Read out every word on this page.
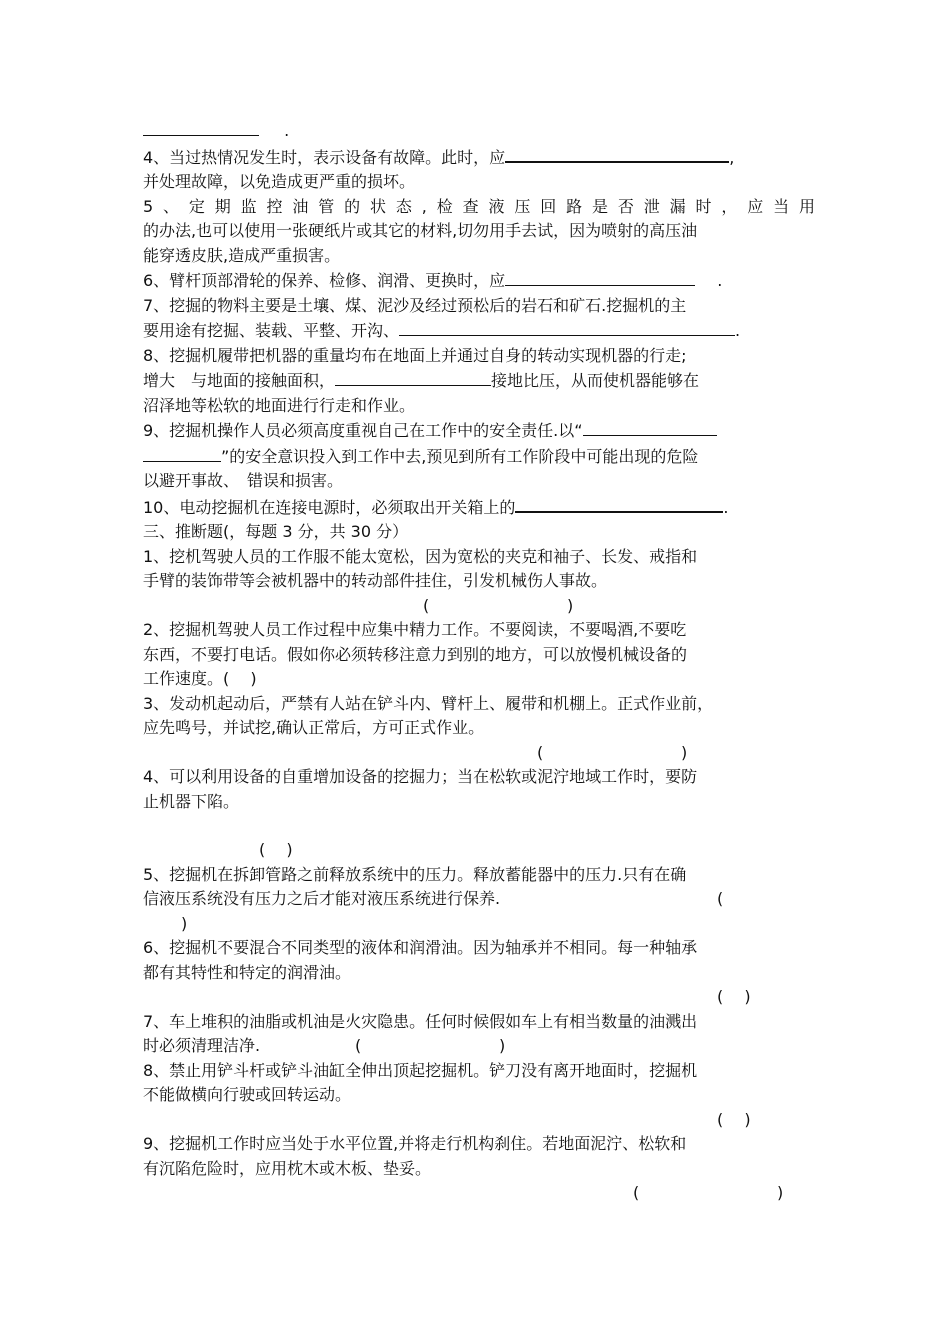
.
4、当过热情况发生时，表示设备有故障。此时，应	,
并处理故障，以免造成更严重的损坏。
5、定期监控油管的状态,检查液压回路是否泄漏时，应当用
的办法,也可以使用一张硬纸片或其它的材料,切勿用手去试，因为喷射的高压油
能穿透皮肤,造成严重损害。
6、臂杆顶部滑轮的保养、检修、润滑、更换时，应	.
7、挖掘的物料主要是土壤、煤、泥沙及经过预松后的岩石和矿石.挖掘机的主
要用途有挖掘、装载、平整、开沟、	.
8、挖掘机履带把机器的重量均布在地面上并通过自身的转动实现机器的行走;
增大　与地面的接触面积，	接地比压，从而使机器能够在
沼泽地等松软的地面进行行走和作业。
9、挖掘机操作人员必须高度重视自己在工作中的安全责任.以“
”的安全意识投入到工作中去,预见到所有工作阶段中可能出现的危险
以避开事故、　错误和损害。
10、电动挖掘机在连接电源时，必须取出开关箱上的	.
三、推断题(，每题 3 分，共 30 分）
1、挖机驾驶人员的工作服不能太宽松，因为宽松的夹克和袖子、长发、戒指和
手臂的装饰带等会被机器中的转动部件挂住，引发机械伤人事故。
(	)
2、挖掘机驾驶人员工作过程中应集中精力工作。不要阅读，不要喝酒,不要吃
东西，不要打电话。假如你必须转移注意力到别的地方，可以放慢机械设备的
工作速度。(　 )
3、发动机起动后，严禁有人站在铲斗内、臂杆上、履带和机棚上。正式作业前，
应先鸣号，并试挖,确认正常后，方可正式作业。
(	)
4、可以利用设备的自重增加设备的挖掘力；当在松软或泥泞地域工作时，要防
止机器下陷。
(　 )
5、挖掘机在拆卸管路之前释放系统中的压力。释放蓄能器中的压力.只有在确
信液压系统没有压力之后才能对液压系统进行保养.	(
)
6、挖掘机不要混合不同类型的液体和润滑油。因为轴承并不相同。每一种轴承
都有其特性和特定的润滑油。
(　 )
7、车上堆积的油脂或机油是火灾隐患。任何时候假如车上有相当数量的油溅出
时必须清理洁净.	(	)
8、禁止用铲斗杆或铲斗油缸全伸出顶起挖掘机。铲刀没有离开地面时，挖掘机
不能做横向行驶或回转运动。
(　 )
9、挖掘机工作时应当处于水平位置,并将走行机构刹住。若地面泥泞、松软和
有沉陷危险时，应用枕木或木板、垫妥。
(	)
